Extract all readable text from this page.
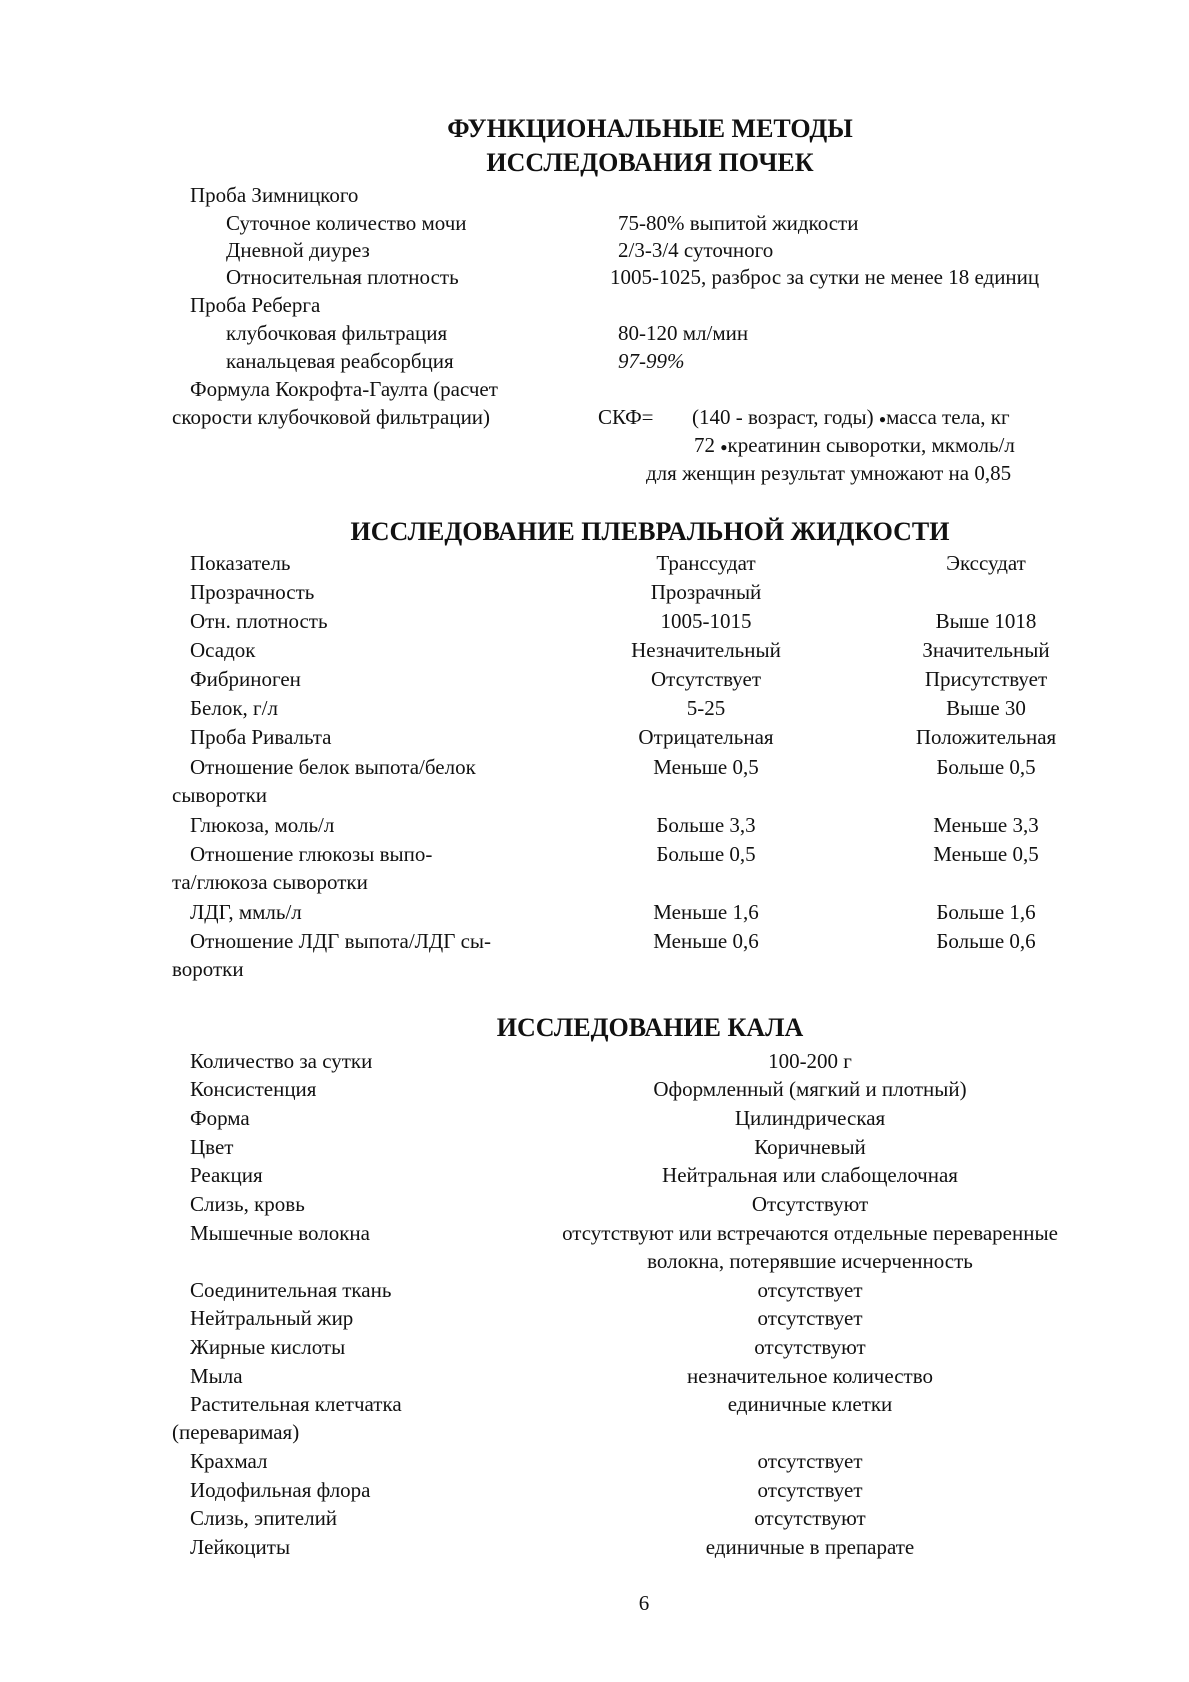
ФУНКЦИОНАЛЬНЫЕ МЕТОДЫ
ИССЛЕДОВАНИЯ ПОЧЕК
Проба Зимницкого
Суточное количество мочи	75-80% выпитой жидкости
Дневной диурез	2/3-3/4 суточного
Относительная плотность	1005-1025, разброс за сутки не менее 18 единиц
Проба Реберга
клубочковая фильтрация	80-120 мл/мин
канальцевая реабсорбция	97-99%
Формула Кокрофта-Гаулта (расчет
скорости клубочковой фильтрации)	СКФ= (140 - возраст, годы) ●масса тела, кг
72 ●креатинин сыворотки, мкмоль/л
для женщин результат умножают на 0,85
ИССЛЕДОВАНИЕ ПЛЕВРАЛЬНОЙ ЖИДКОСТИ
Показатель	Транссудат	Экссудат
Прозрачность	Прозрачный
Отн. плотность	1005-1015	Выше 1018
Осадок	Незначительный	Значительный
Фибриноген	Отсутствует	Присутствует
Белок, г/л	5-25	Выше 30
Проба Ривальта	Отрицательная	Положительная
Отношение белок выпота/белок
сыворотки
Меньше 0,5	Больше 0,5
Глюкоза, моль/л	Больше 3,3	Меньше 3,3
Отношение глюкозы выпо-
та/глюкоза сыворотки
Больше 0,5	Меньше 0,5
ЛДГ, ммль/л	Меньше 1,6	Больше 1,6
Отношение ЛДГ выпота/ЛДГ сы-
воротки
Меньше 0,6	Больше 0,6
ИССЛЕДОВАНИЕ КАЛА
Количество за сутки	100-200 г
Консистенция	Оформленный (мягкий и плотный)
Форма	Цилиндрическая
Цвет	Коричневый
Реакция	Нейтральная или слабощелочная
Слизь, кровь	Отсутствуют
Мышечные волокна	отсутствуют или встречаются отдельные переваренные
волокна, потерявшие исчерченность
Соединительная ткань	отсутствует
Нейтральный жир	отсутствует
Жирные кислоты	отсутствуют
Мыла	незначительное количество
Растительная клетчатка
(переваримая)
единичные клетки
Крахмал	отсутствует
Иодофильная флора	отсутствует
Слизь, эпителий	отсутствуют
Лейкоциты	единичные в препарате
6
